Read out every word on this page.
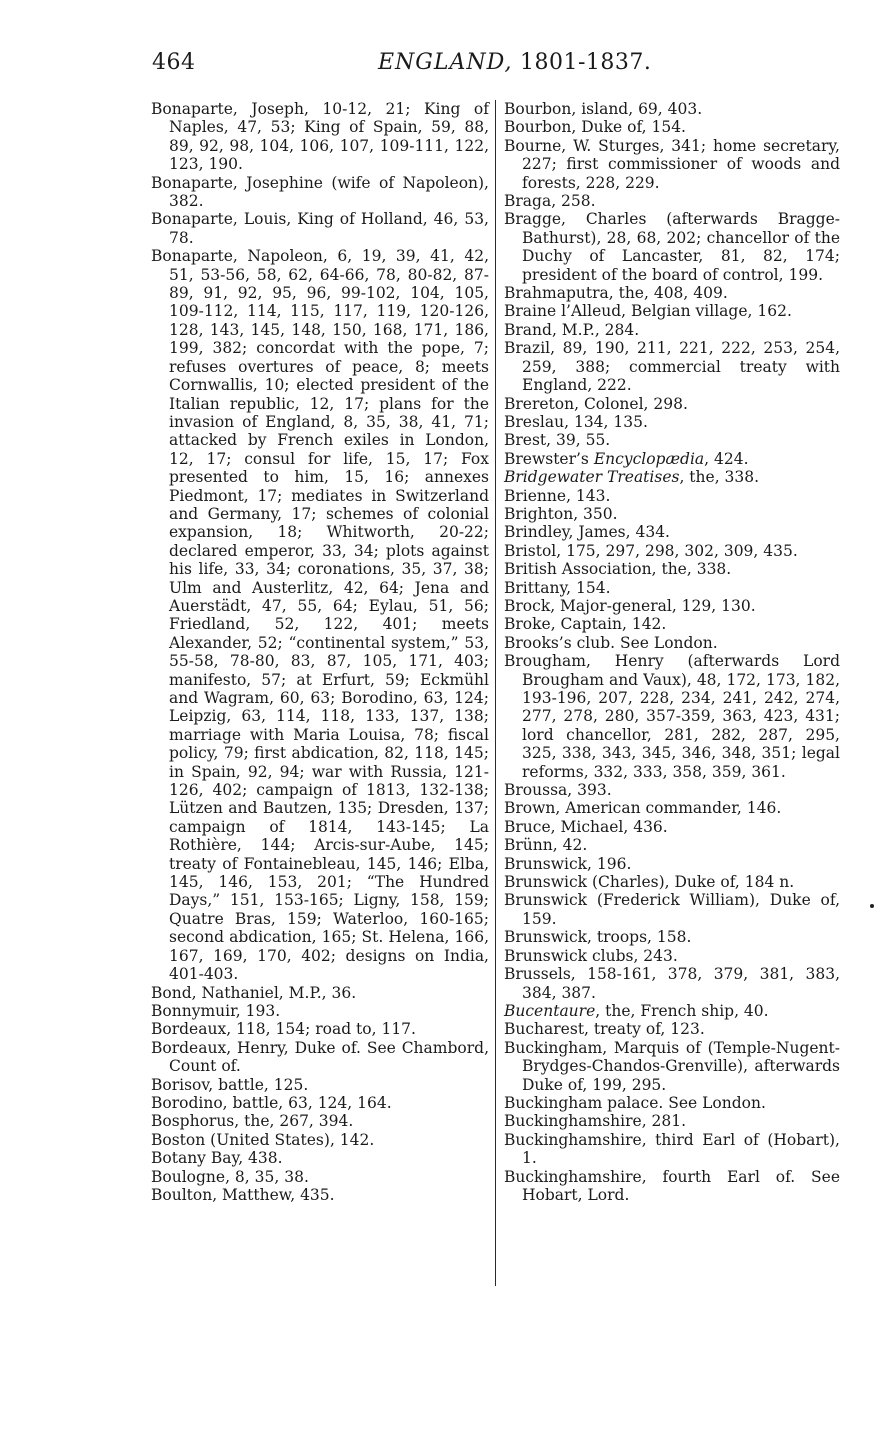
464	ENGLAND, 1801-1837.

Bonaparte, Joseph, 10-12, 21; King of Naples, 47, 53; King of Spain, 59, 88, 89, 92, 98, 104, 106, 107, 109-111, 122, 123, 190.

Bonaparte, Josephine (wife of Napoleon), 382.

Bonaparte, Louis, King of Holland, 46, 53, 78.

Bonaparte, Napoleon, 6, 19, 39, 41, 42, 51, 53-56, 58, 62, 64-66, 78, 80-82, 87-89, 91, 92, 95, 96, 99-102, 104, 105, 109-112, 114, 115, 117, 119, 120-126, 128, 143, 145, 148, 150, 168, 171, 186, 199, 382; concordat with the pope, 7; refuses overtures of peace, 8; meets Cornwallis, 10; elected president of the Italian republic, 12, 17; plans for the invasion of England, 8, 35, 38, 41, 71; attacked by French exiles in London, 12, 17; consul for life, 15, 17; Fox presented to him, 15, 16; annexes Piedmont, 17; mediates in Switzerland and Germany, 17; schemes of colonial expansion, 18; Whitworth, 20-22; declared emperor, 33, 34; plots against his life, 33, 34; coronations, 35, 37, 38; Ulm and Austerlitz, 42, 64; Jena and Auerstädt, 47, 55, 64; Eylau, 51, 56; Friedland, 52, 122, 401; meets Alexander, 52; “continental system,” 53, 55-58, 78-80, 83, 87, 105, 171, 403; manifesto, 57; at Erfurt, 59; Eckmühl and Wagram, 60, 63; Borodino, 63, 124; Leipzig, 63, 114, 118, 133, 137, 138; marriage with Maria Louisa, 78; fiscal policy, 79; first abdication, 82, 118, 145; in Spain, 92, 94; war with Russia, 121-126, 402; campaign of 1813, 132-138; Lützen and Bautzen, 135; Dresden, 137; campaign of 1814, 143-145; La Rothière, 144; Arcis-sur-Aube, 145; treaty of Fontainebleau, 145, 146; Elba, 145, 146, 153, 201; “The Hundred Days,” 151, 153-165; Ligny, 158, 159; Quatre Bras, 159; Waterloo, 160-165; second abdication, 165; St. Helena, 166, 167, 169, 170, 402; designs on India, 401-403.

Bond, Nathaniel, M.P., 36.

Bonnymuir, 193.

Bordeaux, 118, 154; road to, 117.

Bordeaux, Henry, Duke of. See Chambord, Count of.

Borisov, battle, 125.

Borodino, battle, 63, 124, 164.

Bosphorus, the, 267, 394.

Boston (United States), 142.

Botany Bay, 438.

Boulogne, 8, 35, 38.

Boulton, Matthew, 435.

Bourbon, island, 69, 403.

Bourbon, Duke of, 154.

Bourne, W. Sturges, 341; home secretary, 227; first commissioner of woods and forests, 228, 229.

Braga, 258.

Bragge, Charles (afterwards Bragge-Bathurst), 28, 68, 202; chancellor of the Duchy of Lancaster, 81, 82, 174; president of the board of control, 199.

Brahmaputra, the, 408, 409.

Braine l’Alleud, Belgian village, 162.

Brand, M.P., 284.

Brazil, 89, 190, 211, 221, 222, 253, 254, 259, 388; commercial treaty with England, 222.

Brereton, Colonel, 298.

Breslau, 134, 135.

Brest, 39, 55.

Brewster’s Encyclopædia, 424.

Bridgewater Treatises, the, 338.

Brienne, 143.

Brighton, 350.

Brindley, James, 434.

Bristol, 175, 297, 298, 302, 309, 435.

British Association, the, 338.

Brittany, 154.

Brock, Major-general, 129, 130.

Broke, Captain, 142.

Brooks’s club. See London.

Brougham, Henry (afterwards Lord Brougham and Vaux), 48, 172, 173, 182, 193-196, 207, 228, 234, 241, 242, 274, 277, 278, 280, 357-359, 363, 423, 431; lord chancellor, 281, 282, 287, 295, 325, 338, 343, 345, 346, 348, 351; legal reforms, 332, 333, 358, 359, 361.

Broussa, 393.

Brown, American commander, 146.

Bruce, Michael, 436.

Brünn, 42.

Brunswick, 196.

Brunswick (Charles), Duke of, 184 n.

Brunswick (Frederick William), Duke of, 159.

Brunswick, troops, 158.

Brunswick clubs, 243.

Brussels, 158-161, 378, 379, 381, 383, 384, 387.

Bucentaure, the, French ship, 40.

Bucharest, treaty of, 123.

Buckingham, Marquis of (Temple-Nugent-Brydges-Chandos-Grenville), afterwards Duke of, 199, 295.

Buckingham palace. See London.

Buckinghamshire, 281.

Buckinghamshire, third Earl of (Hobart), 1.

Buckinghamshire, fourth Earl of. See Hobart, Lord.
